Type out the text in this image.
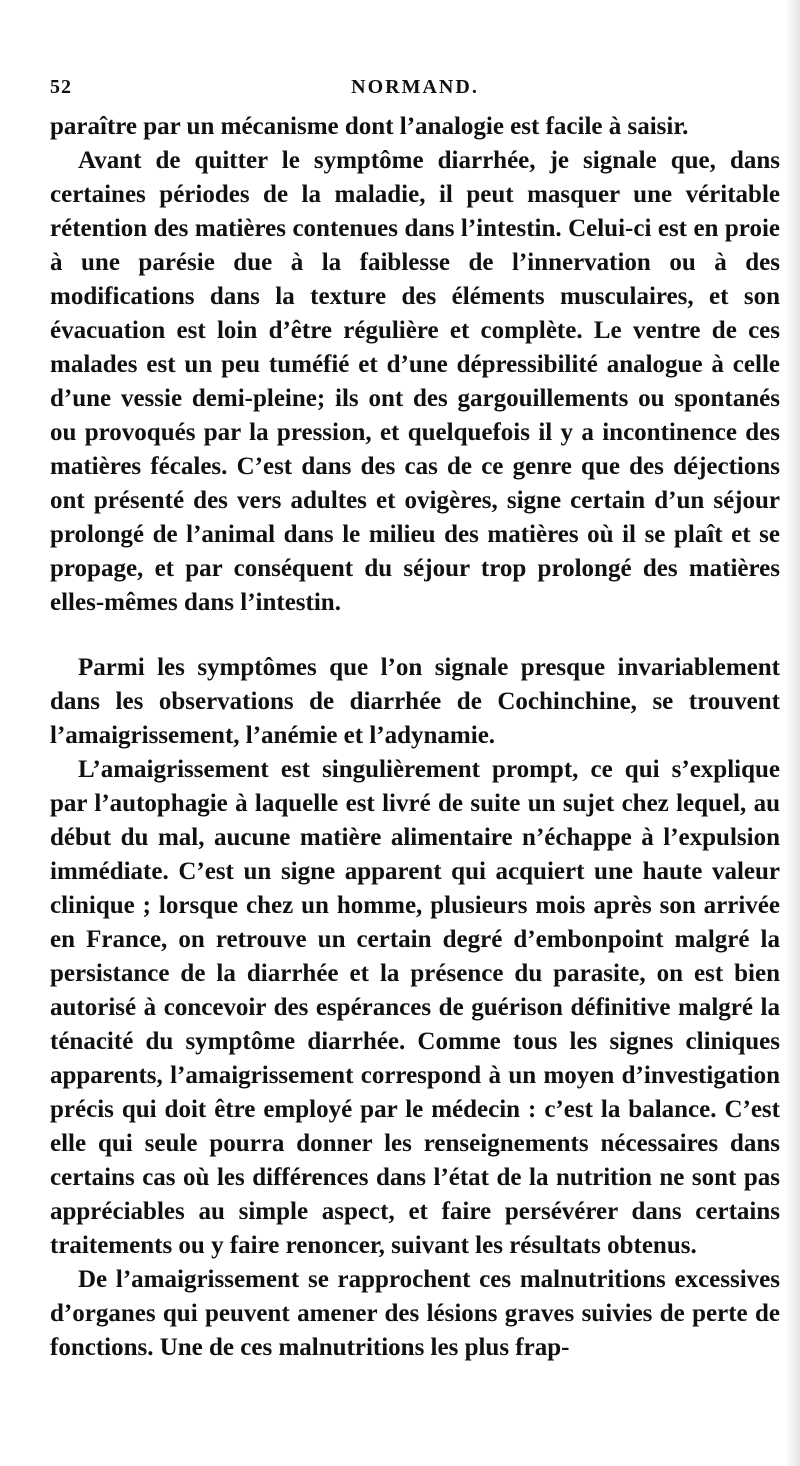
52	NORMAND.

paraître par un mécanisme dont l’analogie est facile à saisir.

Avant de quitter le symptôme diarrhée, je signale que, dans certaines périodes de la maladie, il peut masquer une véritable rétention des matières contenues dans l’intestin. Celui-ci est en proie à une parésie due à la faiblesse de l’innervation ou à des modifications dans la texture des éléments musculaires, et son évacuation est loin d’être régulière et complète. Le ventre de ces malades est un peu tuméfié et d’une dépressibilité analogue à celle d’une vessie demi-pleine; ils ont des gargouillements ou spontanés ou provoqués par la pression, et quelquefois il y a incontinence des matières fécales. C’est dans des cas de ce genre que des déjections ont présenté des vers adultes et ovigères, signe certain d’un séjour prolongé de l’animal dans le milieu des matières où il se plaît et se propage, et par conséquent du séjour trop prolongé des matières elles-mêmes dans l’intestin.

Parmi les symptômes que l’on signale presque invariablement dans les observations de diarrhée de Cochinchine, se trouvent l’amaigrissement, l’anémie et l’adynamie.

L’amaigrissement est singulièrement prompt, ce qui s’explique par l’autophagie à laquelle est livré de suite un sujet chez lequel, au début du mal, aucune matière alimentaire n’échappe à l’expulsion immédiate. C’est un signe apparent qui acquiert une haute valeur clinique ; lorsque chez un homme, plusieurs mois après son arrivée en France, on retrouve un certain degré d’embonpoint malgré la persistance de la diarrhée et la présence du parasite, on est bien autorisé à concevoir des espérances de guérison définitive malgré la ténacité du symptôme diarrhée. Comme tous les signes cliniques apparents, l’amaigrissement correspond à un moyen d’investigation précis qui doit être employé par le médecin : c’est la balance. C’est elle qui seule pourra donner les renseignements nécessaires dans certains cas où les différences dans l’état de la nutrition ne sont pas appréciables au simple aspect, et faire persévérer dans certains traitements ou y faire renoncer, suivant les résultats obtenus.

De l’amaigrissement se rapprochent ces malnutritions excessives d’organes qui peuvent amener des lésions graves suivies de perte de fonctions. Une de ces malnutritions les plus frap-
